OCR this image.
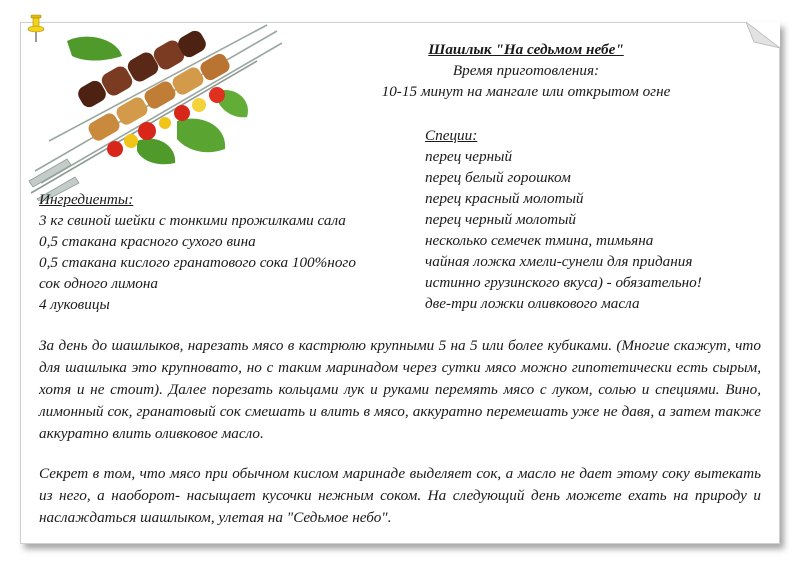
Шашлык "На седьмом небе"
Время приготовления:
10-15 минут на мангале или открытом огне
Специи:
перец черный
перец белый горошком
перец красный молотый
перец черный молотый
несколько семечек тмина, тимьяна
чайная ложка хмели-сунели для придания
истинно грузинского вкуса) - обязательно!
две-три ложки оливкового масла
Ингредиенты:
3 кг свиной шейки с тонкими прожилками сала
0,5 стакана красного сухого вина
0,5 стакана кислого гранатового сока 100%ного
сок одного лимона
4 луковицы
За день до шашлыков, нарезать мясо в кастрюлю крупными 5 на 5 или более кубиками. (Многие скажут, что для шашлыка это крупновато, но с таким маринадом через сутки мясо можно гипотетически есть сырым, хотя и не стоит). Далее порезать кольцами лук и руками перемять мясо с луком, солью и специями. Вино, лимонный сок, гранатовый сок смешать и влить в мясо, аккуратно перемешать уже не давя, а затем также аккуратно влить оливковое масло.
Секрет в том, что мясо при обычном кислом маринаде выделяет сок, а масло не дает этому соку вытекать из него, а наоборот- насыщает кусочки нежным соком. На следующий день можете ехать на природу и наслаждаться шашлыком, улетая на "Седьмое небо".
